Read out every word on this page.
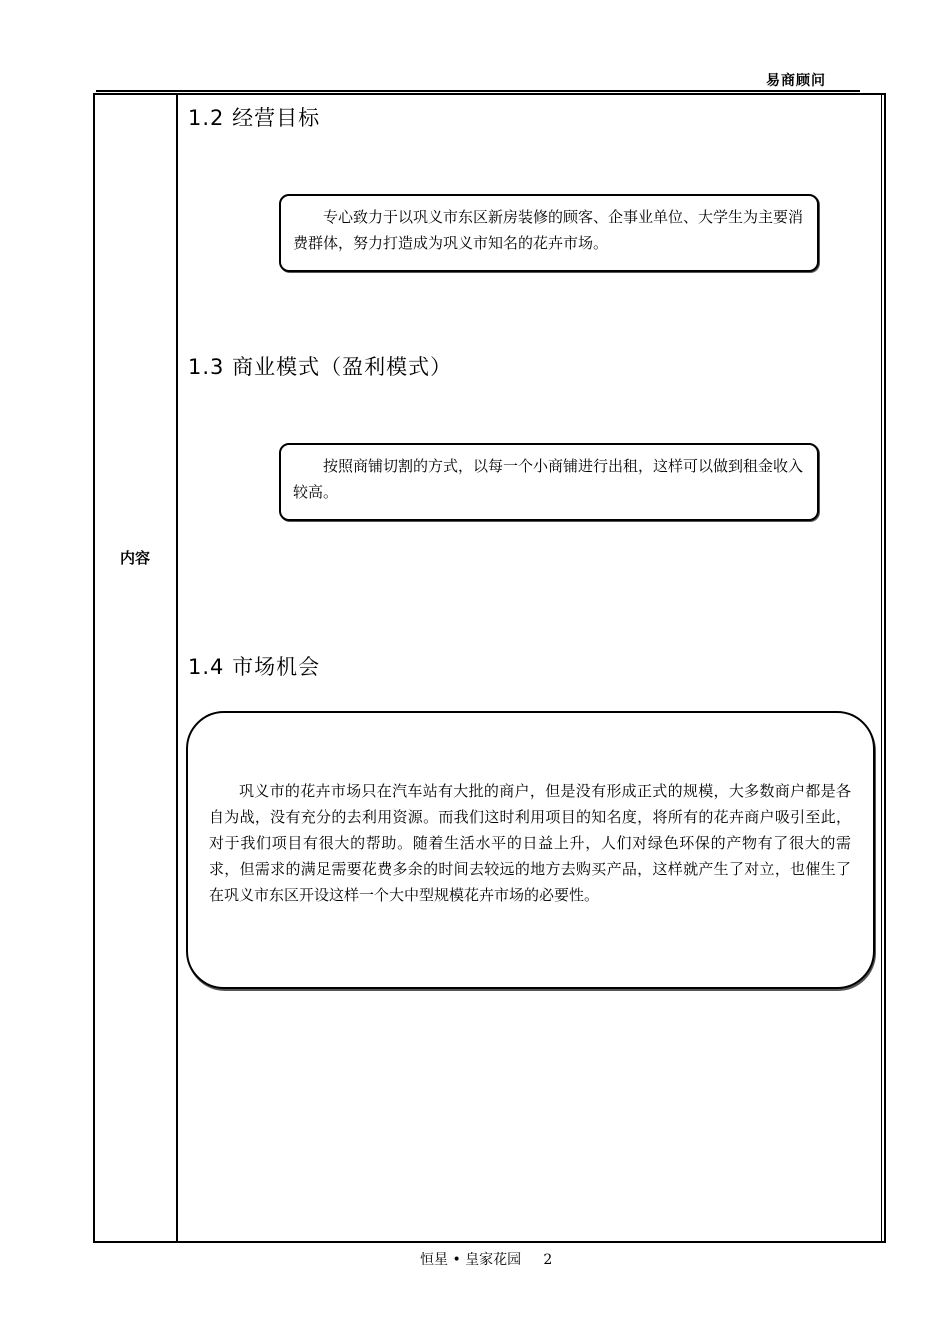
易商顾问
内容
1.2 经营目标
专心致力于以巩义市东区新房装修的顾客、企事业单位、大学生为主要消费群体，努力打造成为巩义市知名的花卉市场。
1.3 商业模式（盈利模式）
按照商铺切割的方式，以每一个小商铺进行出租，这样可以做到租金收入较高。
1.4 市场机会
巩义市的花卉市场只在汽车站有大批的商户，但是没有形成正式的规模，大多数商户都是各自为战，没有充分的去利用资源。而我们这时利用项目的知名度，将所有的花卉商户吸引至此，对于我们项目有很大的帮助。随着生活水平的日益上升，人们对绿色环保的产物有了很大的需求，但需求的满足需要花费多余的时间去较远的地方去购买产品，这样就产生了对立，也催生了在巩义市东区开设这样一个大中型规模花卉市场的必要性。
恒星 • 皇家花园     2
